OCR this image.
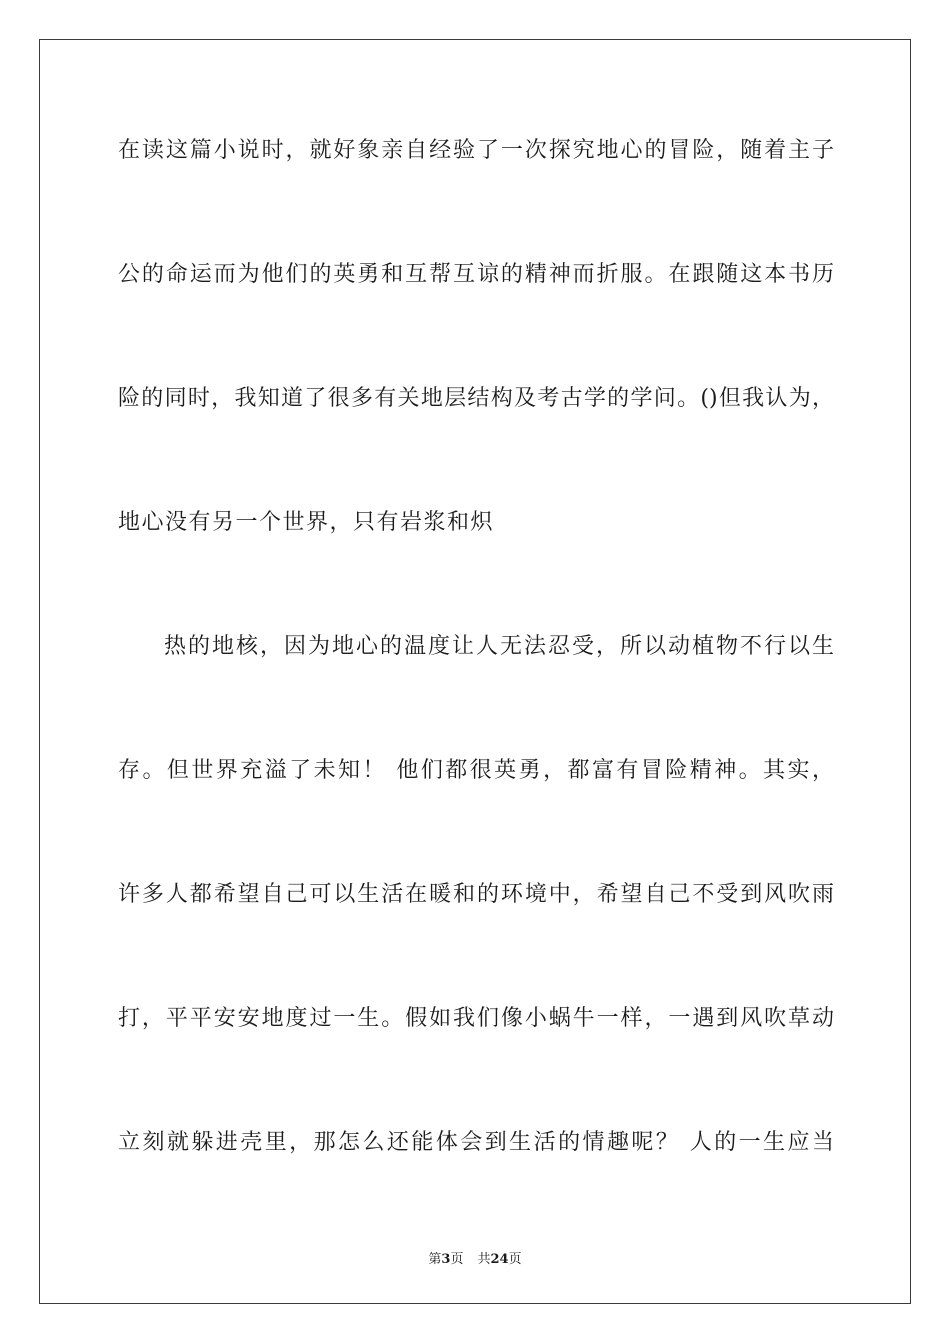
在读这篇小说时，就好象亲自经验了一次探究地心的冒险，随着主子

公的命运而为他们的英勇和互帮互谅的精神而折服。在跟随这本书历

险的同时，我知道了很多有关地层结构及考古学的学问。()但我认为，

地心没有另一个世界，只有岩浆和炽

热的地核，因为地心的温度让人无法忍受，所以动植物不行以生

存。但世界充溢了未知！ 他们都很英勇，都富有冒险精神。其实，

许多人都希望自己可以生活在暖和的环境中，希望自己不受到风吹雨

打，平平安安地度过一生。假如我们像小蜗牛一样，一遇到风吹草动

立刻就躲进壳里，那怎么还能体会到生活的情趣呢？ 人的一生应当

第3页 共24页
